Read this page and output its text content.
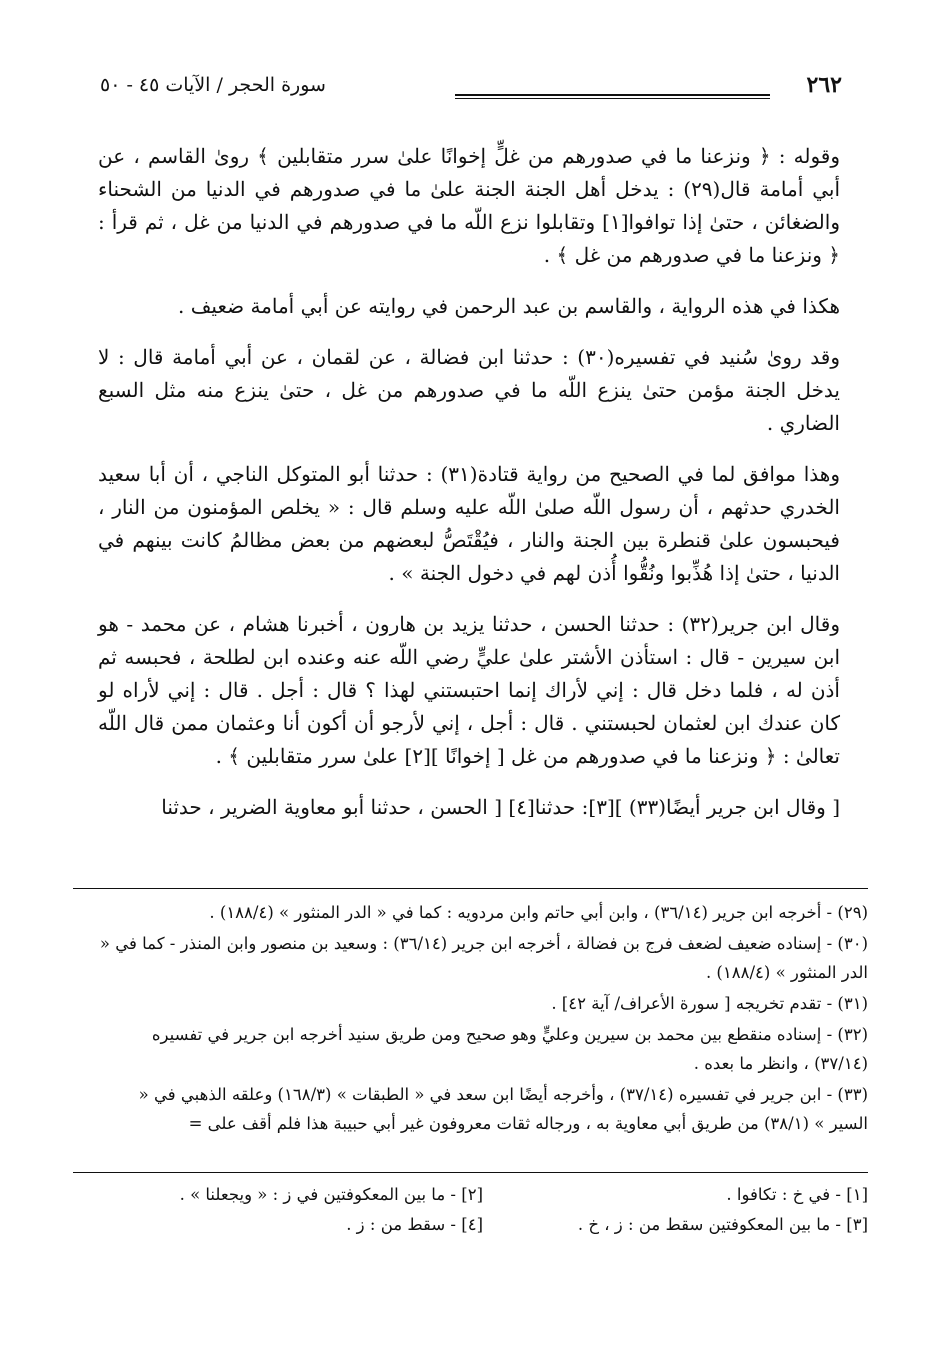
٢٦٢
سورة الحجر / الآيات ٤٥ - ٥٠

وقوله : ﴿ ونزعنا ما في صدورهم من غلٍّ إخوانًا علىٰ سرر متقابلين ﴾ روىٰ القاسم ، عن أبي أمامة قال(٢٩) : يدخل أهل الجنة الجنة علىٰ ما في صدورهم في الدنيا من الشحناء والضغائن ، حتىٰ إذا توافوا[١] وتقابلوا نزع اللّه ما في صدورهم في الدنيا من غل ، ثم قرأ : ﴿ ونزعنا ما في صدورهم من غل ﴾ .

هكذا في هذه الرواية ، والقاسم بن عبد الرحمن في روايته عن أبي أمامة ضعيف .

وقد روىٰ سُنيد في تفسيره(٣٠) : حدثنا ابن فضالة ، عن لقمان ، عن أبي أمامة قال : لا يدخل الجنة مؤمن حتىٰ ينزع اللّه ما في صدورهم من غل ، حتىٰ ينزع منه مثل السبع الضاري .

وهذا موافق لما في الصحيح من رواية قتادة(٣١) : حدثنا أبو المتوكل الناجي ، أن أبا سعيد الخدري حدثهم ، أن رسول اللّه صلىٰ اللّه عليه وسلم قال : « يخلص المؤمنون من النار ، فيحبسون علىٰ قنطرة بين الجنة والنار ، فيُقْتَصُّ لبعضهم من بعض مظالمُ كانت بينهم في الدنيا ، حتىٰ إذا هُذِّبوا ونُقُّوا أُذن لهم في دخول الجنة » .

وقال ابن جرير(٣٢) : حدثنا الحسن ، حدثنا يزيد بن هارون ، أخبرنا هشام ، عن محمد - هو ابن سيرين - قال : استأذن الأشتر علىٰ عليٍّ رضي اللّه عنه وعنده ابن لطلحة ، فحبسه ثم أذن له ، فلما دخل قال : إني لأراك إنما احتبستني لهذا ؟ قال : أجل . قال : إني لأراه لو كان عندك ابن لعثمان لحبستني . قال : أجل ، إني لأرجو أن أكون أنا وعثمان ممن قال اللّه تعالىٰ : ﴿ ونزعنا ما في صدورهم من غل [ إخوانًا ][٢] علىٰ سرر متقابلين ﴾ .

[ وقال ابن جرير أيضًا(٣٣) ][٣]: حدثنا[٤] [ الحسن ، حدثنا أبو معاوية الضرير ، حدثنا

(٢٩) - أخرجه ابن جرير (٣٦/١٤) ، وابن أبي حاتم وابن مردويه : كما في « الدر المنثور » (١٨٨/٤) .

(٣٠) - إسناده ضعيف لضعف فرج بن فضالة ، أخرجه ابن جرير (٣٦/١٤) : وسعيد بن منصور وابن المنذر - كما في « الدر المنثور » (١٨٨/٤) .

(٣١) - تقدم تخريجه [ سورة الأعراف/ آية ٤٢] .

(٣٢) - إسناده منقطع بين محمد بن سيرين وعليٍّ وهو صحيح ومن طريق سنيد أخرجه ابن جرير في تفسيره (٣٧/١٤) ، وانظر ما بعده .

(٣٣) - ابن جرير في تفسيره (٣٧/١٤) ، وأخرجه أيضًا ابن سعد في « الطبقات » (١٦٨/٣) وعلقه الذهبي في « السير » (٣٨/١) من طريق أبي معاوية به ، ورجاله ثقات معروفون غير أبي حبيبة هذا فلم أقف على =

[١] - في خ : تكافوا .
[٢] - ما بين المعكوفتين في ز : « ويجعلنا » .
[٣] - ما بين المعكوفتين سقط من : ز ، خ .
[٤] - سقط من : ز .
